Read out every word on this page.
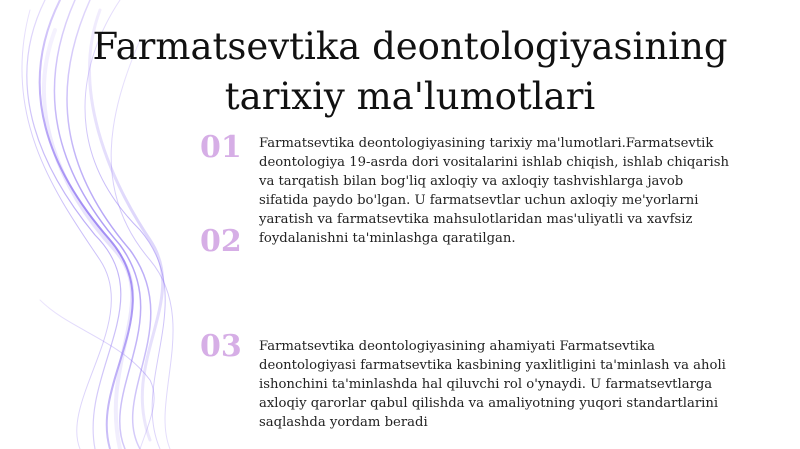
Farmatsevtika deontologiyasining
tarixiy ma'lumotlari
01 Farmatsevtika deontologiyasining tarixiy ma'lumotlari.Farmatsevtik deontologiya 19-asrda dori vositalarini ishlab chiqish, ishlab chiqarish va tarqatish bilan bog'liq axloqiy va axloqiy tashvishlarga javob sifatida paydo bo'lgan. U farmatsevtlar uchun axloqiy me'yorlarni yaratish va farmatsevtika mahsulotlaridan mas'uliyatli va xavfsiz foydalanishni ta'minlashga qaratilgan.
02
03 Farmatsevtika deontologiyasining ahamiyati Farmatsevtika deontologiyasi farmatsevtika kasbining yaxlitligini ta'minlash va aholi ishonchini ta'minlashda hal qiluvchi rol o'ynaydi. U farmatsevtlarga axloqiy qarorlar qabul qilishda va amaliyotning yuqori standartlarini saqlashda yordam beradi
